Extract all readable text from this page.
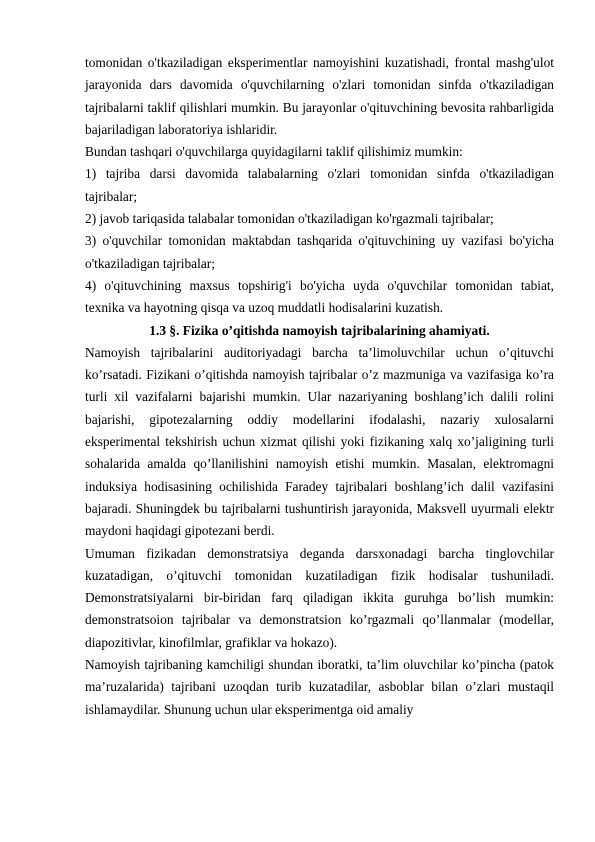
tomonidan o'tkaziladigan eksperimentlar namoyishini kuzatishadi, frontal mashg'ulot jarayonida dars davomida o'quvchilarning o'zlari tomonidan sinfda o'tkaziladigan tajribalarni taklif qilishlari mumkin. Bu jarayonlar o'qituvchining bevosita rahbarligida bajariladigan laboratoriya ishlaridir.

Bundan tashqari o'quvchilarga quyidagilarni taklif qilishimiz mumkin:

1) tajriba darsi davomida talabalarning o'zlari tomonidan sinfda o'tkaziladigan tajribalar;

2) javob tariqasida talabalar tomonidan o'tkaziladigan ko'rgazmali tajribalar;

3) o'quvchilar tomonidan maktabdan tashqarida o'qituvchining uy vazifasi bo'yicha o'tkaziladigan tajribalar;

4) o'qituvchining maxsus topshirig'i bo'yicha uyda o'quvchilar tomonidan tabiat, texnika va hayotning qisqa va uzoq muddatli hodisalarini kuzatish.

1.3 §. Fizika o’qitishda namoyish tajribalarining ahamiyati.

Namoyish tajribalarini auditoriyadagi barcha ta’limoluvchilar uchun o’qituvchi ko’rsatadi. Fizikani o’qitishda namoyish tajribalar o’z mazmuniga va vazifasiga ko’ra turli xil vazifalarni bajarishi mumkin. Ular nazariyaning boshlang’ich dalili rolini bajarishi, gipotezalarning oddiy modellarini ifodalashi, nazariy xulosalarni eksperimental tekshirish uchun xizmat qilishi yoki fizikaning xalq xo’jaligining turli sohalarida amalda qo’llanilishini namoyish etishi mumkin. Masalan, elektromagni induksiya hodisasining ochilishida Faradey tajribalari boshlang’ich dalil vazifasini bajaradi. Shuningdek bu tajribalarni tushuntirish jarayonida, Maksvell uyurmali elektr maydoni haqidagi gipotezani berdi.

Umuman fizikadan demonstratsiya deganda darsxonadagi barcha tinglovchilar kuzatadigan, o’qituvchi tomonidan kuzatiladigan fizik hodisalar tushuniladi. Demonstratsiyalarni bir-biridan farq qiladigan ikkita guruhga bo’lish mumkin: demonstratsoion tajribalar va demonstratsion ko’rgazmali qo’llanmalar (modellar, diapozitivlar, kinofilmlar, grafiklar va hokazo).

Namoyish tajribaning kamchiligi shundan iboratki, ta’lim oluvchilar ko’pincha (patok ma’ruzalarida) tajribani uzoqdan turib kuzatadilar, asboblar bilan o’zlari mustaqil ishlamaydilar. Shunung uchun ular eksperimentga oid amaliy
